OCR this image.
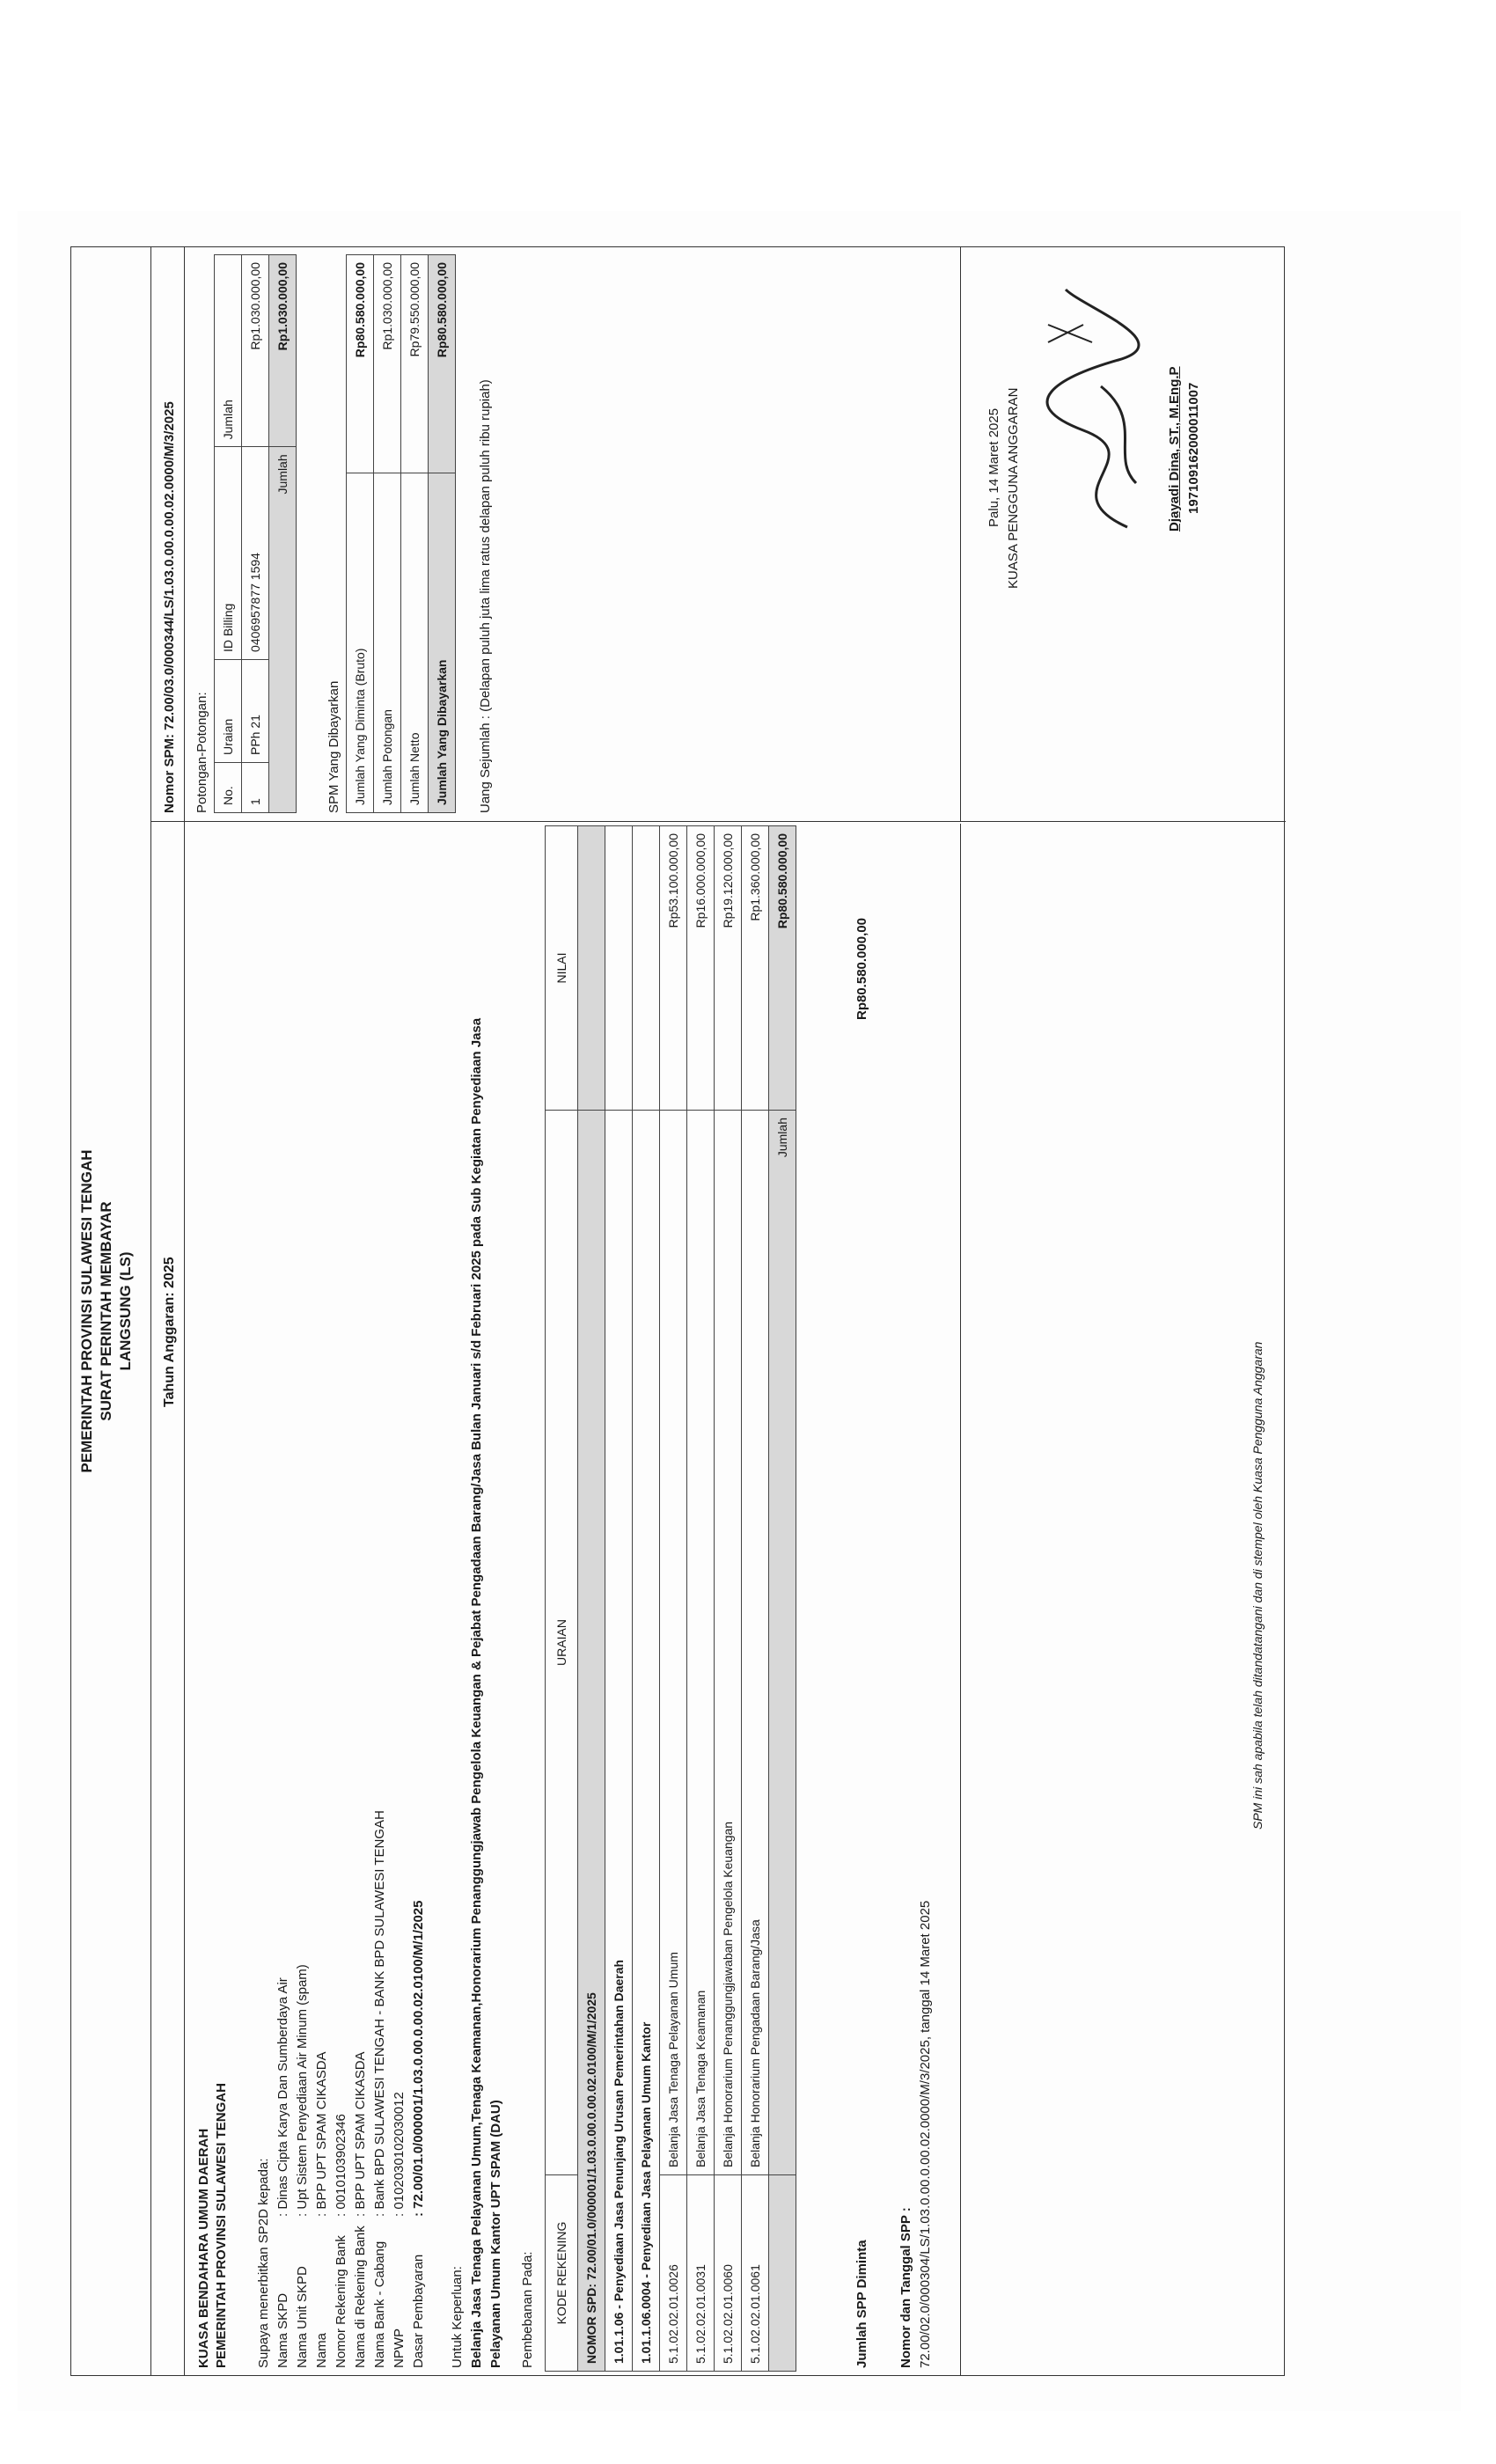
PEMERINTAH PROVINSI SULAWESI TENGAH SURAT PERINTAH MEMBAYAR LANGSUNG (LS) Tahun Anggaran: 2025
Nomor SPM: 72.00/03.0/000344/LS/1.03.0.00.0.00.02.0000/M/3/2025
KUASA BENDAHARA UMUM DAERAH PEMERINTAH PROVINSI SULAWESI TENGAH Supaya menerbitkan SP2D kepada: Nama SKPD
: Dinas Cipta Karya Dan Sumberdaya Air
Nama Unit SKPD
: Upt Sistem Penyediaan Air Minum (spam)
Nama
: BPP UPT SPAM CIKASDA
Nomor Rekening Bank
: 0010103902346
Nama di Rekening Bank
: BPP UPT SPAM CIKASDA
Nama Bank - Cabang
: Bank BPD SULAWESI TENGAH - BANK BPD SULAWESI TENGAH
NPWP
: 0102030102030012
Dasar Pembayaran
: 72.00/01.0/000001/1.03.0.00.0.00.02.0100/M/1/2025
Untuk Keperluan: Belanja Jasa Tenaga Pelayanan Umum,Tenaga Keamanan,Honorarium Penanggungjawab Pengelola Keuangan & Pejabat Pengadaan Barang/Jasa Bulan Januari s/d Februari 2025 pada Sub Kegiatan Penyediaan Jasa Pelayanan Umum Kantor UPT SPAM (DAU) Pembebanan Pada: KODE REKENING	URAIAN	NILAI
NOMOR SPD: 72.00/01.0/000001/1.03.0.00.0.00.02.0100/M/1/2025		
1.01.1.06 - Penyediaan Jasa Penunjang Urusan Pemerintahan Daerah		
1.01.1.06.0004 - Penyediaan Jasa Pelayanan Umum Kantor		
5.1.02.02.01.0026	Belanja Jasa Tenaga Pelayanan Umum	Rp53.100.000,00
5.1.02.02.01.0031	Belanja Jasa Tenaga Keamanan	Rp16.000.000,00
5.1.02.02.01.0060	Belanja Honorarium Penanggungjawaban Pengelola Keuangan	Rp19.120.000,00
5.1.02.02.01.0061	Belanja Honorarium Pengadaan Barang/Jasa	Rp1.360.000,00
	Jumlah	Rp80.580.000,00
Jumlah SPP Diminta
Rp80.580.000,00
Nomor dan Tanggal SPP : 72.00/02.0/000304/LS/1.03.0.00.0.00.02.0000/M/3/2025, tanggal 14 Maret 2025
SPM ini sah apabila telah ditandatangani dan di stempel oleh Kuasa Pengguna Anggaran
Potongan-Potongan: No.	Uraian	ID Billing	Jumlah
1	PPh 21	0406957877 1594	Rp1.030.000,00
Jumlah			Rp1.030.000,00
SPM Yang Dibayarkan Jumlah Yang Diminta (Bruto)	Rp80.580.000,00
Jumlah Potongan	Rp1.030.000,00
Jumlah Netto	Rp79.550.000,00
Jumlah Yang Dibayarkan	Rp80.580.000,00
Uang Sejumlah : (Delapan puluh juta lima ratus delapan puluh ribu rupiah)	Palu, 14 Maret 2025 KUASA PENGGUNA ANGGARAN	Djayadi Dina, ST., M.Eng.P 197109162000011007
